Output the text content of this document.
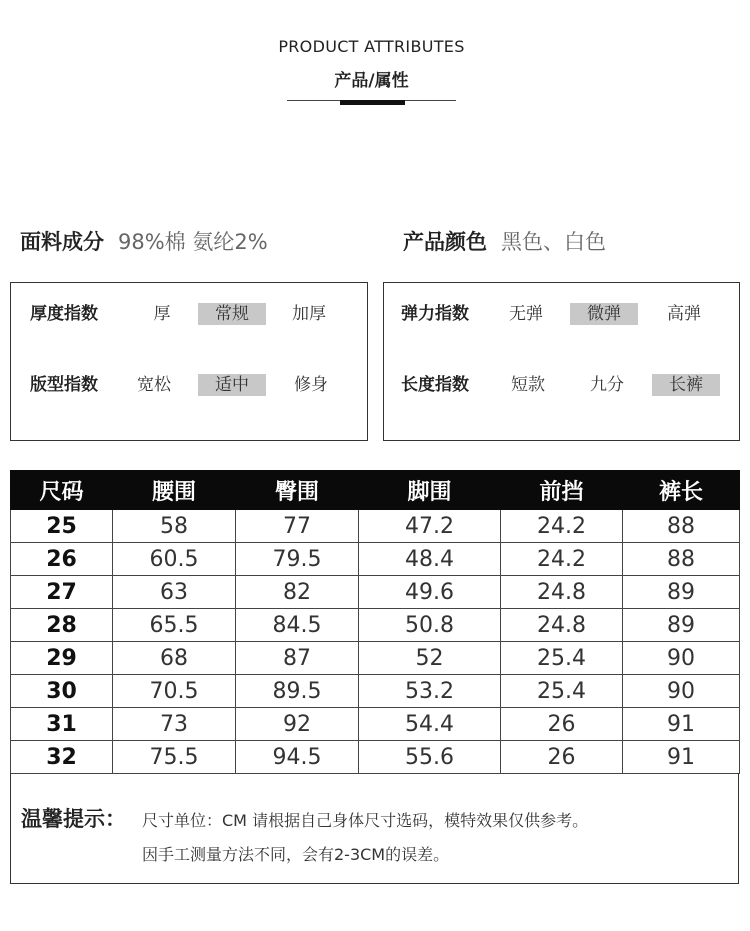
PRODUCT ATTRIBUTES
产品/属性
面料成分 98%棉 氨纶2%	产品颜色 黑色、白色
厚度指数	厚	常规	加厚
版型指数	宽松	适中	修身
弹力指数	无弹	微弹	高弹
长度指数	短款	九分	长裤
尺码	腰围	臀围	脚围	前挡	裤长
25	58	77	47.2	24.2	88
26	60.5	79.5	48.4	24.2	88
27	63	82	49.6	24.8	89
28	65.5	84.5	50.8	24.8	89
29	68	87	52	25.4	90
30	70.5	89.5	53.2	25.4	90
31	73	92	54.4	26	91
32	75.5	94.5	55.6	26	91
温馨提示： 尺寸单位：CM 请根据自己身体尺寸选码，模特效果仅供参考。
因手工测量方法不同，会有2-3CM的误差。
